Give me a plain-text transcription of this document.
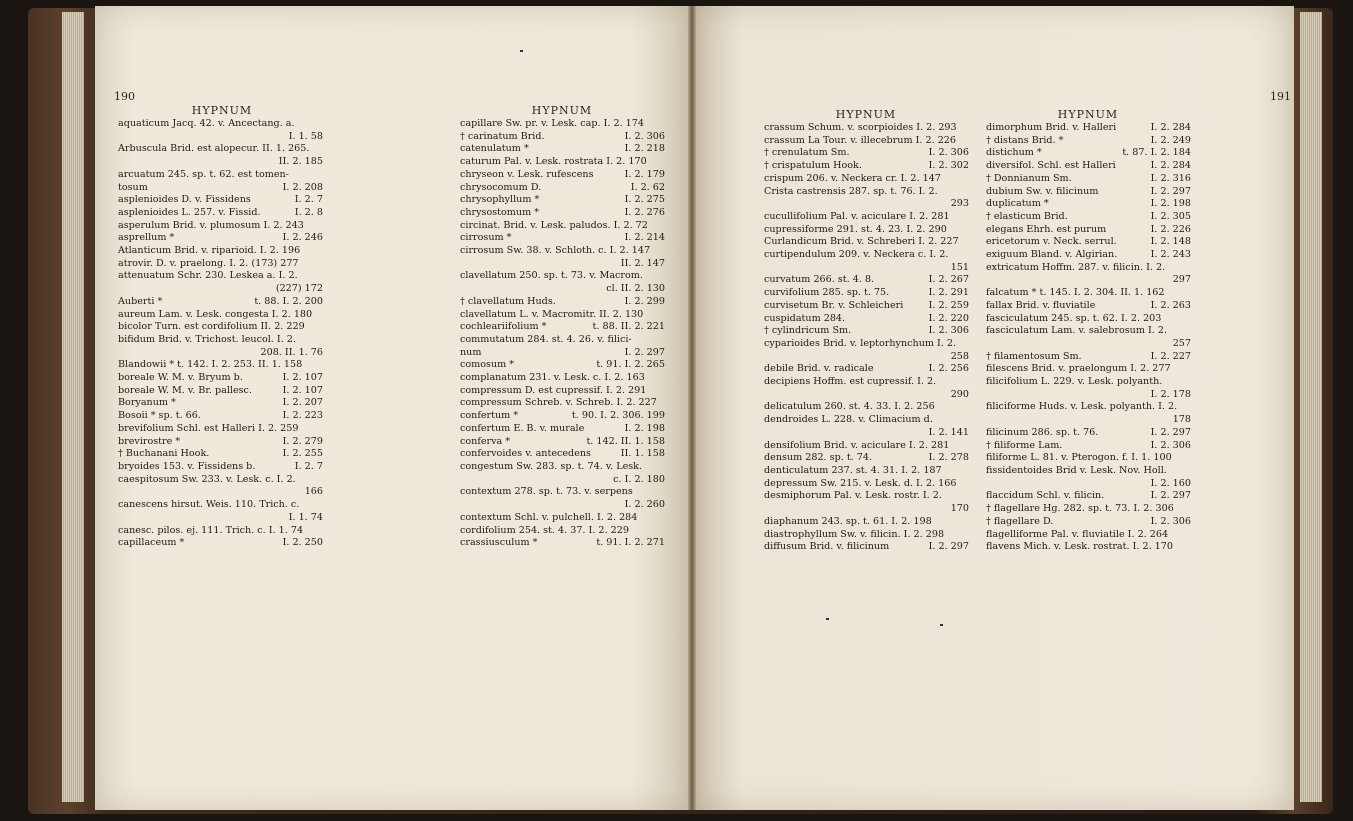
190
HYPNUM	HYPNUM
aquaticum Jacq. 42. v. Ancectang. a.
I. 1. 58
Arbuscula Brid. est alopecur. II. 1. 265.
II. 2. 185
arcuatum 245. sp. t. 62. est tomen-
I. 2. 208
tosum
I. 2. 7
asplenioides D. v. Fissidens
I. 2. 8
asplenioides L. 257. v. Fissid.
asperulum Brid. v. plumosum I. 2. 243
I. 2. 246
asprellum *
Atlanticum Brid. v. riparioid. I. 2. 196
atrovir. D. v. praelong. I. 2. (173) 277
attenuatum Schr. 230. Leskea a. I. 2.
(227) 172
t. 88. I. 2. 200
Auberti *
aureum Lam. v. Lesk. congesta I. 2. 180
bicolor Turn. est cordifolium II. 2. 229
bifidum Brid. v. Trichost. leucol. I. 2.
208. II. 1. 76
Blandowii * t. 142. I. 2. 253. II. 1. 158
I. 2. 107
boreale W. M. v. Bryum b.
I. 2. 107
boreale W. M. v. Br. pallesc.
I. 2. 207
Boryanum *
I. 2. 223
Bosoii * sp. t. 66.
brevifolium Schl. est Halleri I. 2. 259
I. 2. 279
brevirostre *
I. 2. 255
† Buchanani Hook.
I. 2. 7
bryoides 153. v. Fissidens b.
caespitosum Sw. 233. v. Lesk. c. I. 2.
166
canescens hirsut. Weis. 110. Trich. c.
I. 1. 74
canesc. pilos. ej. 111. Trich. c. I. 1. 74
I. 2. 250
capillaceum *
capillare Sw. pr. v. Lesk. cap. I. 2. 174
I. 2. 306
† carinatum Brid.
I. 2. 218
catenulatum *
caturum Pal. v. Lesk. rostrata I. 2. 170
I. 2. 179
chryseon v. Lesk. rufescens
I. 2. 62
chrysocomum D.
I. 2. 275
chrysophyllum *
I. 2. 276
chrysostomum *
circinat. Brid. v. Lesk. paludos. I. 2. 72
I. 2. 214
cirrosum *
cirrosum Sw. 38. v. Schloth. c. I. 2. 147
II. 2. 147
clavellatum 250. sp. t. 73. v. Macrom.
cl. II. 2. 130
I. 2. 299
† clavellatum Huds.
clavellatum L. v. Macromitr. II. 2. 130
t. 88. II. 2. 221
cochleariifolium *
commutatum 284. st. 4. 26. v. filici-
I. 2. 297
num
t. 91. I. 2. 265
comosum *
complanatum 231. v. Lesk. c. I. 2. 163
compressum D. est cupressif. I. 2. 291
compressum Schreb. v. Schreb. I. 2. 227
t. 90. I. 2. 306. 199
confertum *
I. 2. 198
confertum E. B. v. murale
t. 142. II. 1. 158
conferva *
II. 1. 158
confervoides v. antecedens
congestum Sw. 283. sp. t. 74. v. Lesk.
c. I. 2. 180
contextum 278. sp. t. 73. v. serpens
I. 2. 260
contextum Schl. v. pulchell. I. 2. 284
cordifolium 254. st. 4. 37. I. 2. 229
t. 91. I. 2. 271
crassiusculum *
191
HYPNUM	HYPNUM
crassum Schum. v. scorpioides I. 2. 293
crassum La Tour. v. illecebrum I. 2. 226
I. 2. 306
† crenulatum Sm.
I. 2. 302
† crispatulum Hook.
crispum 206. v. Neckera cr. I. 2. 147
Crista castrensis 287. sp. t. 76. I. 2.
293
cucullifolium Pal. v. aciculare I. 2. 281
cupressiforme 291. st. 4. 23. I. 2. 290
Curlandicum Brid. v. Schreberi I. 2. 227
curtipendulum 209. v. Neckera c. I. 2.
151
I. 2. 267
curvatum 266. st. 4. 8.
I. 2. 291
curvifolium 285. sp. t. 75.
I. 2. 259
curvisetum Br. v. Schleicheri
I. 2. 220
cuspidatum 284.
I. 2. 306
† cylindricum Sm.
cyparioides Brid. v. leptorhynchum I. 2.
258
I. 2. 256
debile Brid. v. radicale
decipiens Hoffm. est cupressif. I. 2.
290
delicatulum 260. st. 4. 33. I. 2. 256
dendroides L. 228. v. Climacium d.
I. 2. 141
densifolium Brid. v. aciculare I. 2. 281
I. 2. 278
densum 282. sp. t. 74.
denticulatum 237. st. 4. 31. I. 2. 187
depressum Sw. 215. v. Lesk. d. I. 2. 166
desmiphorum Pal. v. Lesk. rostr. I. 2.
170
diaphanum 243. sp. t. 61. I. 2. 198
diastrophyllum Sw. v. filicin. I. 2. 298
I. 2. 297
diffusum Brid. v. filicinum
I. 2. 284
dimorphum Brid. v. Halleri
I. 2. 249
† distans Brid. *
t. 87. I. 2. 184
distichum *
I. 2. 284
diversifol. Schl. est Halleri
I. 2. 316
† Donnianum Sm.
I. 2. 297
dubium Sw. v. filicinum
I. 2. 198
duplicatum *
I. 2. 305
† elasticum Brid.
I. 2. 226
elegans Ehrh. est purum
I. 2. 148
ericetorum v. Neck. serrul.
I. 2. 243
exiguum Bland. v. Algirian.
extricatum Hoffm. 287. v. filicin. I. 2.
297
falcatum * t. 145. I. 2. 304. II. 1. 162
I. 2. 263
fallax Brid. v. fluviatile
fasciculatum 245. sp. t. 62. I. 2. 203
fasciculatum Lam. v. salebrosum I. 2.
257
I. 2. 227
† filamentosum Sm.
filescens Brid. v. praelongum I. 2. 277
filicifolium L. 229. v. Lesk. polyanth.
I. 2. 178
filiciforme Huds. v. Lesk. polyanth. I. 2.
178
I. 2. 297
filicinum 286. sp. t. 76.
I. 2. 306
† filiforme Lam.
filiforme L. 81. v. Pterogon. f. I. 1. 100
fissidentoides Brid v. Lesk. Nov. Holl.
I. 2. 160
I. 2. 297
flaccidum Schl. v. filicin.
† flagellare Hg. 282. sp. t. 73. I. 2. 306
I. 2. 306
† flagellare D.
flagelliforme Pal. v. fluviatile I. 2. 264
flavens Mich. v. Lesk. rostrat. I. 2. 170
